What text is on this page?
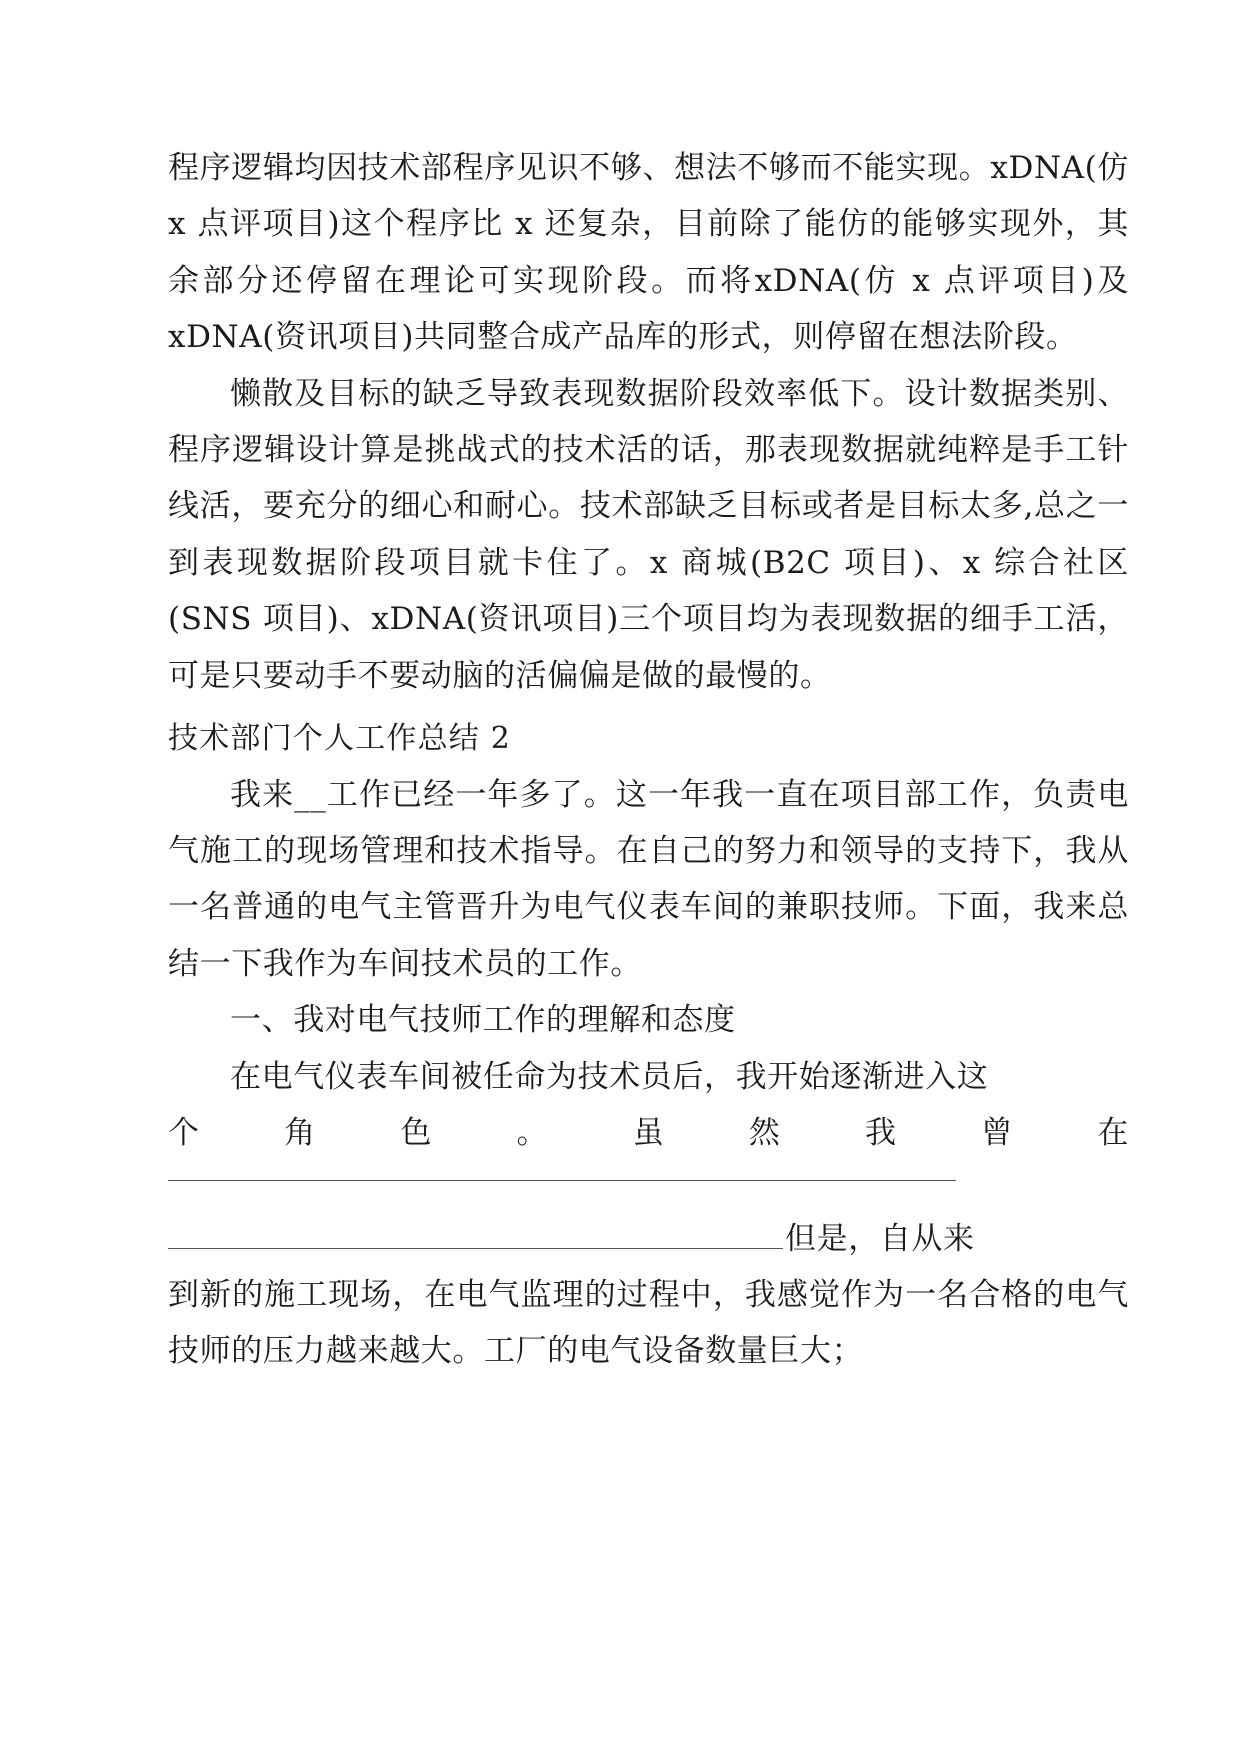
程序逻辑均因技术部程序见识不够、想法不够而不能实现。xDNA(仿 x 点评项目)这个程序比 x 还复杂，目前除了能仿的能够实现外，其余部分还停留在理论可实现阶段。而将xDNA(仿 x 点评项目)及 xDNA(资讯项目)共同整合成产品库的形式，则停留在想法阶段。

懒散及目标的缺乏导致表现数据阶段效率低下。设计数据类别、程序逻辑设计算是挑战式的技术活的话，那表现数据就纯粹是手工针线活，要充分的细心和耐心。技术部缺乏目标或者是目标太多,总之一到表现数据阶段项目就卡住了。x 商城(B2C 项目)、x 综合社区(SNS 项目)、xDNA(资讯项目)三个项目均为表现数据的细手工活，可是只要动手不要动脑的活偏偏是做的最慢的。

技术部门个人工作总结 2

我来__工作已经一年多了。这一年我一直在项目部工作，负责电气施工的现场管理和技术指导。在自己的努力和领导的支持下，我从一名普通的电气主管晋升为电气仪表车间的兼职技师。下面，我来总结一下我作为车间技术员的工作。

一、我对电气技师工作的理解和态度

在电气仪表车间被任命为技术员后，我开始逐渐进入这

个 角 色 。 虽 然 我 曾 在

但是，自从来

到新的施工现场，在电气监理的过程中，我感觉作为一名合格的电气技师的压力越来越大。工厂的电气设备数量巨大；
